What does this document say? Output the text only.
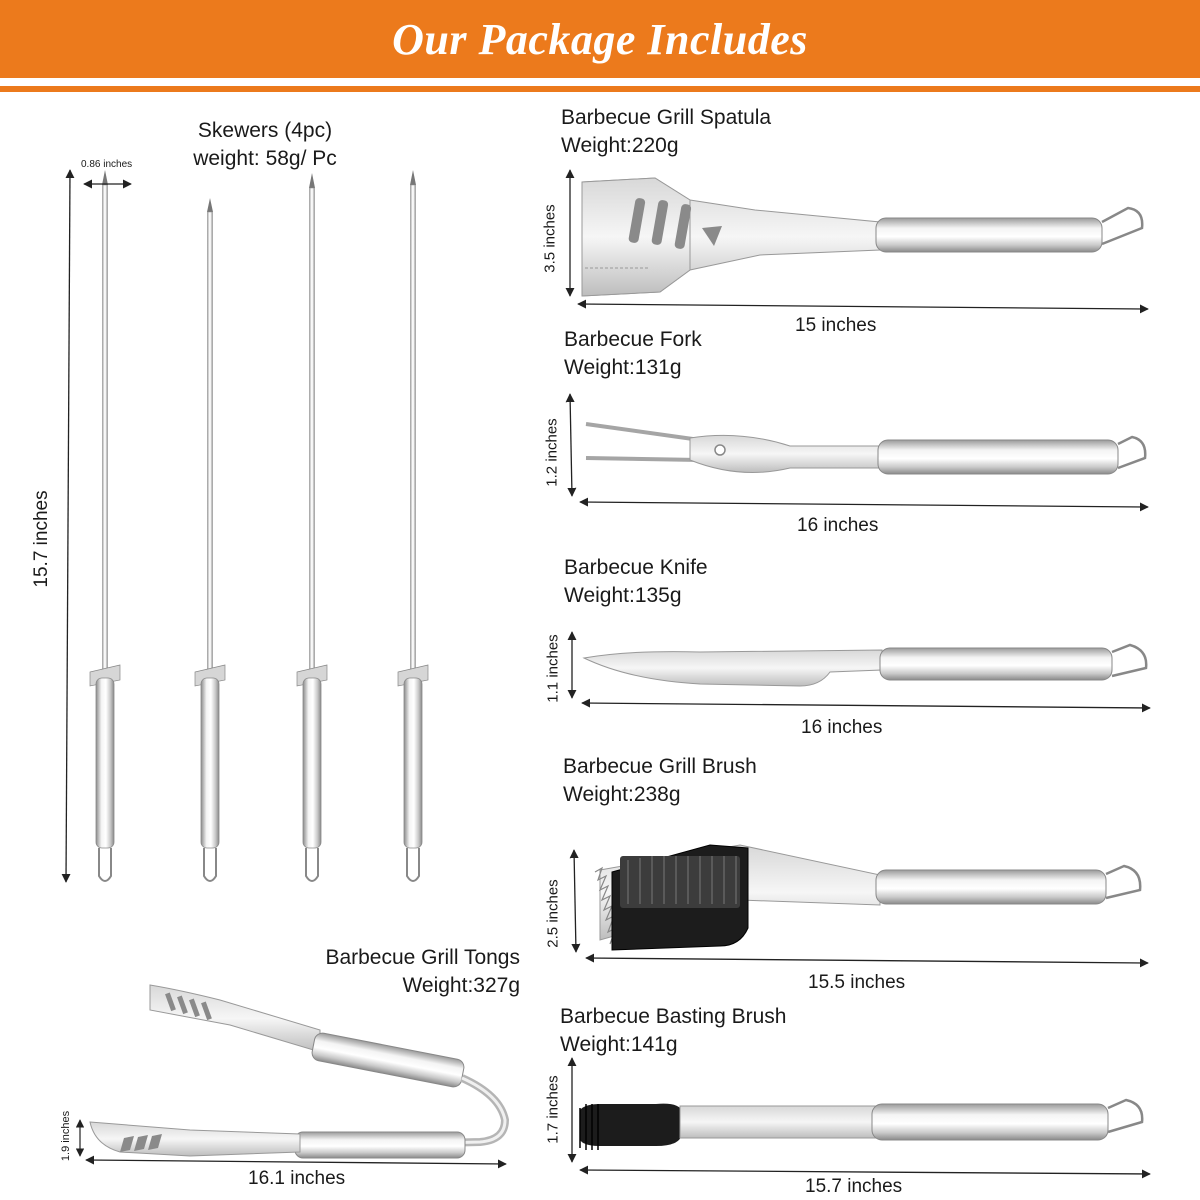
Our Package Includes
Skewers (4pc)
weight: 58g/ Pc
0.86 inches
15.7 inches
Barbecue Grill Spatula
Weight:220g
3.5 inches
15 inches
Barbecue Fork
Weight:131g
1.2 inches
16 inches
Barbecue Knife
Weight:135g
1.1 inches
16 inches
Barbecue Grill Brush
Weight:238g
2.5 inches
15.5 inches
Barbecue Grill Tongs
Weight:327g
1.9 inches
16.1 inches
Barbecue Basting Brush
Weight:141g
1.7 inches
15.7 inches
